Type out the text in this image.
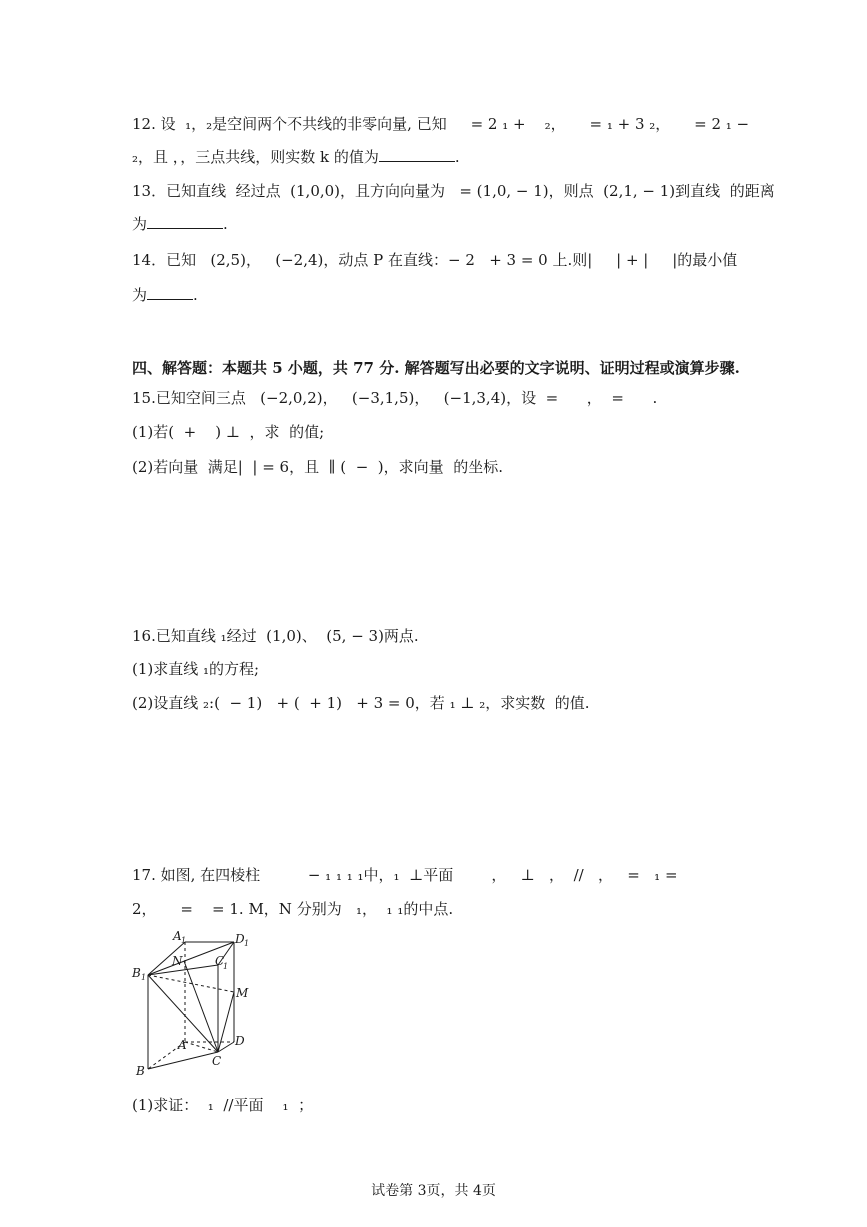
12. 设  ₁，₂是空间两个不共线的非零向量, 已知     = 2 ₁ +    ₂，     = ₁ + 3 ₂，     = 2 ₁ −
₂，且 ，，三点共线，则实数 k 的值为	.
13．已知直线  经过点  (1,0,0)，且方向向量为   = (1,0, − 1)，则点  (2,1, − 1)到直线  的距离
为	.
14．已知   (2,5)，   (−2,4)，动点 P 在直线：− 2   + 3 = 0 上.则|     | + |     |的最小值
为	.
四、解答题：本题共 5 小题，共 77 分. 解答题写出必要的文字说明、证明过程或演算步骤.
15.已知空间三点   (−2,0,2)，   (−3,1,5)，   (−1,3,4)，设  =      ，  =      .
(1)若(  +    ) ⊥  ，求  的值;
(2)若向量  满足|  | = 6，且  ∥ (  −  )，求向量  的坐标.
16.已知直线 ₁经过  (1,0)、  (5, − 3)两点.
(1)求直线 ₁的方程;
(2)设直线 ₂:(  − 1)   + (  + 1)   + 3 = 0，若 ₁ ⊥ ₂，求实数  的值.
17. 如图, 在四棱柱          − ₁ ₁ ₁ ₁中，₁  ⊥平面        ，   ⊥   ，  //   ，   =   ₁ =
2，     =    = 1. M，N 分别为   ₁，  ₁ ₁的中点.
A 1	D 1
N	C
1
B 1
M
A	D
B
C
(1)求证：  ₁  //平面    ₁  ；
试卷第 3页，共 4页
